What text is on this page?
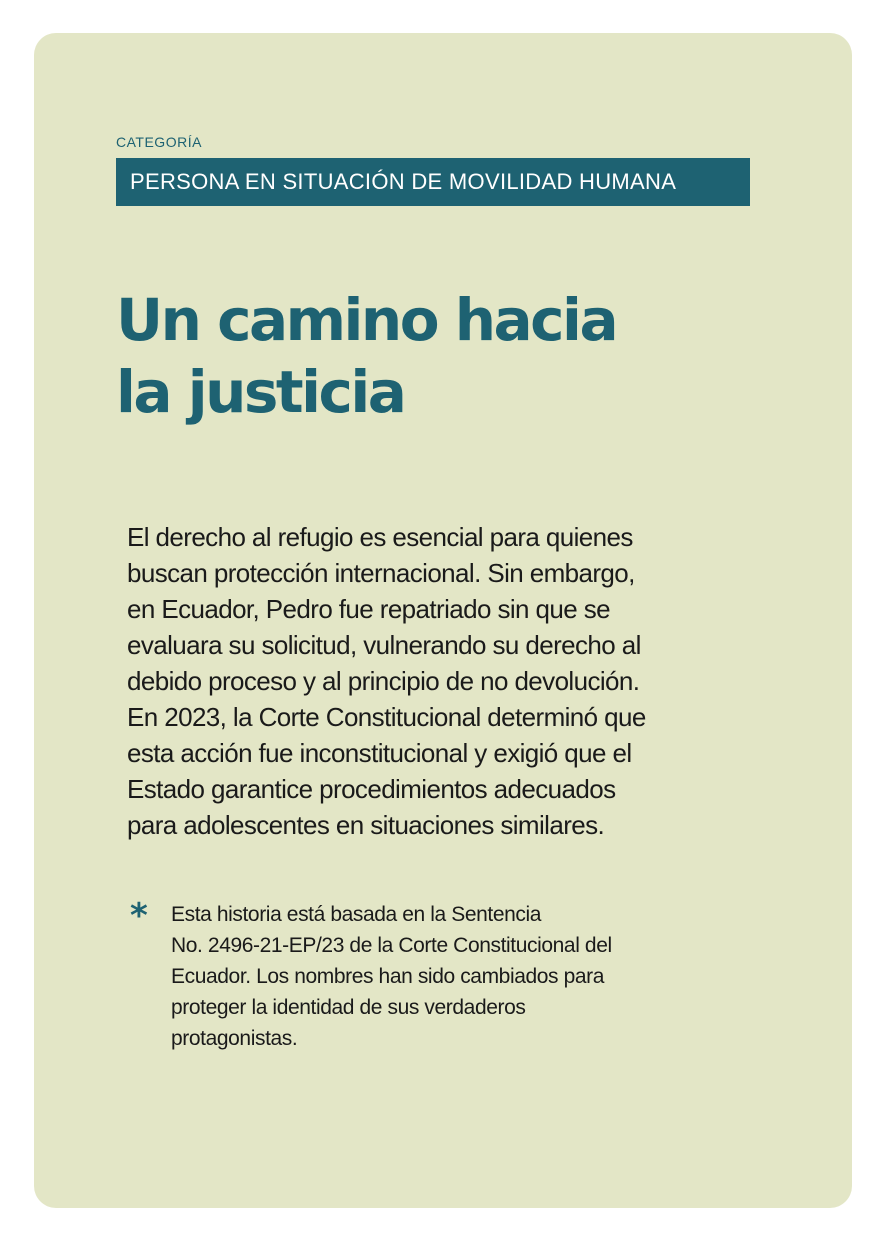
CATEGORÍA
PERSONA EN SITUACIÓN DE MOVILIDAD HUMANA
Un camino hacia
la justicia

El derecho al refugio es esencial para quienes
buscan protección internacional. Sin embargo,
en Ecuador, Pedro fue repatriado sin que se
evaluara su solicitud, vulnerando su derecho al
debido proceso y al principio de no devolución.
En 2023, la Corte Constitucional determinó que
esta acción fue inconstitucional y exigió que el
Estado garantice procedimientos adecuados
para adolescentes en situaciones similares.

* Esta historia está basada en la Sentencia
No. 2496-21-EP/23 de la Corte Constitucional del
Ecuador. Los nombres han sido cambiados para
proteger la identidad de sus verdaderos
protagonistas.
